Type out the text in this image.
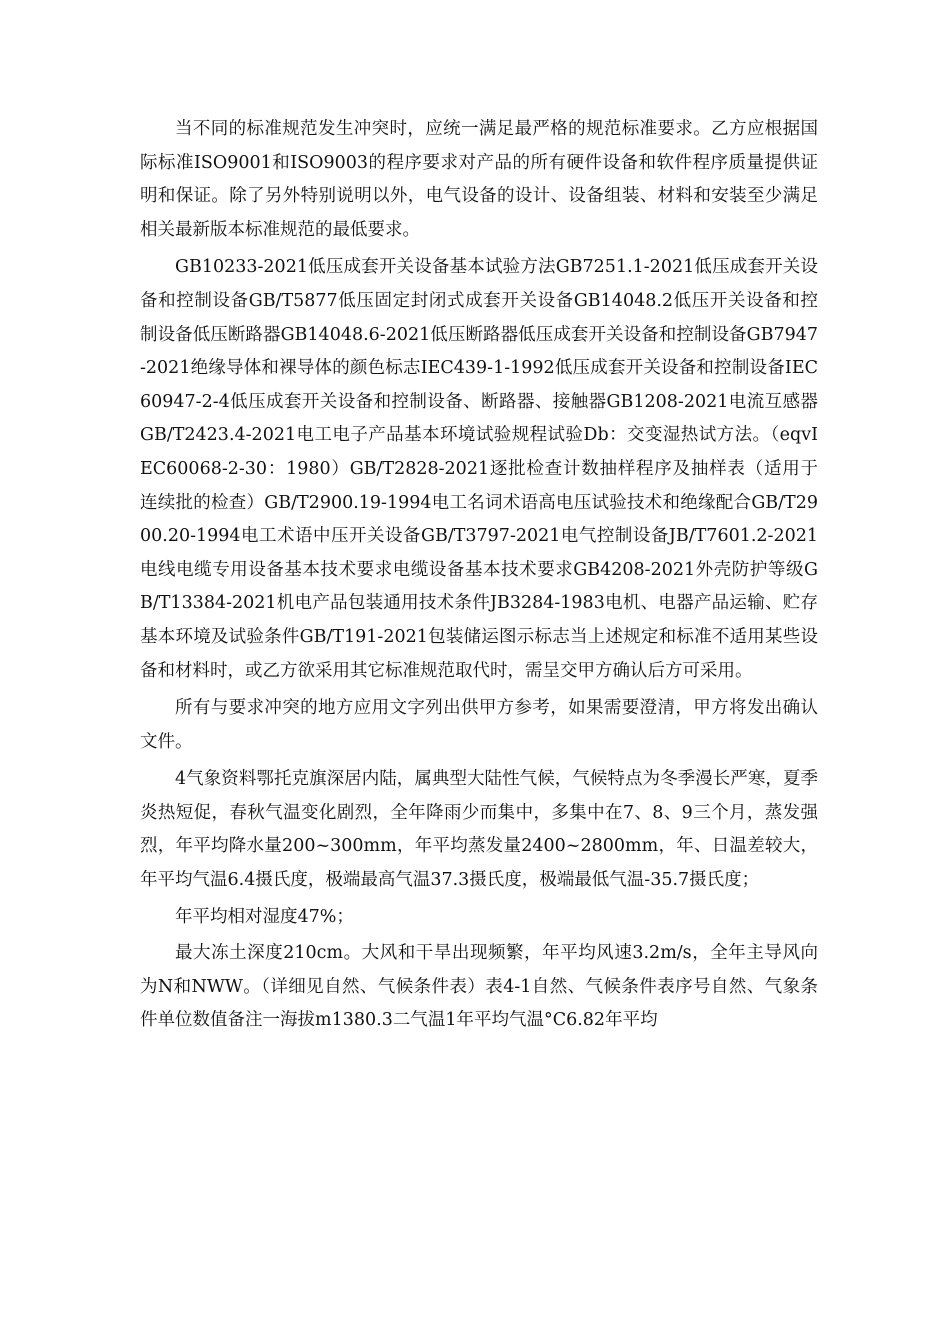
当不同的标准规范发生冲突时，应统一满足最严格的规范标准要求。乙方应根据国际标准ISO9001和ISO9003的程序要求对产品的所有硬件设备和软件程序质量提供证明和保证。除了另外特别说明以外，电气设备的设计、设备组装、材料和安装至少满足相关最新版本标准规范的最低要求。

GB10233-2021低压成套开关设备基本试验方法GB7251.1-2021低压成套开关设备和控制设备GB/T5877低压固定封闭式成套开关设备GB14048.2低压开关设备和控制设备低压断路器GB14048.6-2021低压断路器低压成套开关设备和控制设备GB7947-2021绝缘导体和裸导体的颜色标志IEC439-1-1992低压成套开关设备和控制设备IEC60947-2-4低压成套开关设备和控制设备、断路器、接触器GB1208-2021电流互感器GB/T2423.4-2021电工电子产品基本环境试验规程试验Db：交变湿热试方法。（eqvIEC60068-2-30：1980）GB/T2828-2021逐批检查计数抽样程序及抽样表（适用于连续批的检查）GB/T2900.19-1994电工名词术语高电压试验技术和绝缘配合GB/T2900.20-1994电工术语中压开关设备GB/T3797-2021电气控制设备JB/T7601.2-2021电线电缆专用设备基本技术要求电缆设备基本技术要求GB4208-2021外壳防护等级GB/T13384-2021机电产品包装通用技术条件JB3284-1983电机、电器产品运输、贮存基本环境及试验条件GB/T191-2021包装储运图示标志当上述规定和标准不适用某些设备和材料时，或乙方欲采用其它标准规范取代时，需呈交甲方确认后方可采用。

所有与要求冲突的地方应用文字列出供甲方参考，如果需要澄清，甲方将发出确认文件。

4气象资料鄂托克旗深居内陆，属典型大陆性气候，气候特点为冬季漫长严寒，夏季炎热短促，春秋气温变化剧烈，全年降雨少而集中，多集中在7、8、9三个月，蒸发强烈，年平均降水量200~300mm，年平均蒸发量2400~2800mm，年、日温差较大，年平均气温6.4摄氏度，极端最高气温37.3摄氏度，极端最低气温-35.7摄氏度；

年平均相对湿度47%；

最大冻土深度210cm。大风和干旱出现频繁，年平均风速3.2m/s，全年主导风向为N和NWW。（详细见自然、气候条件表）表4-1自然、气候条件表序号自然、气象条件单位数值备注一海拔m1380.3二气温1年平均气温°C6.82年平均
